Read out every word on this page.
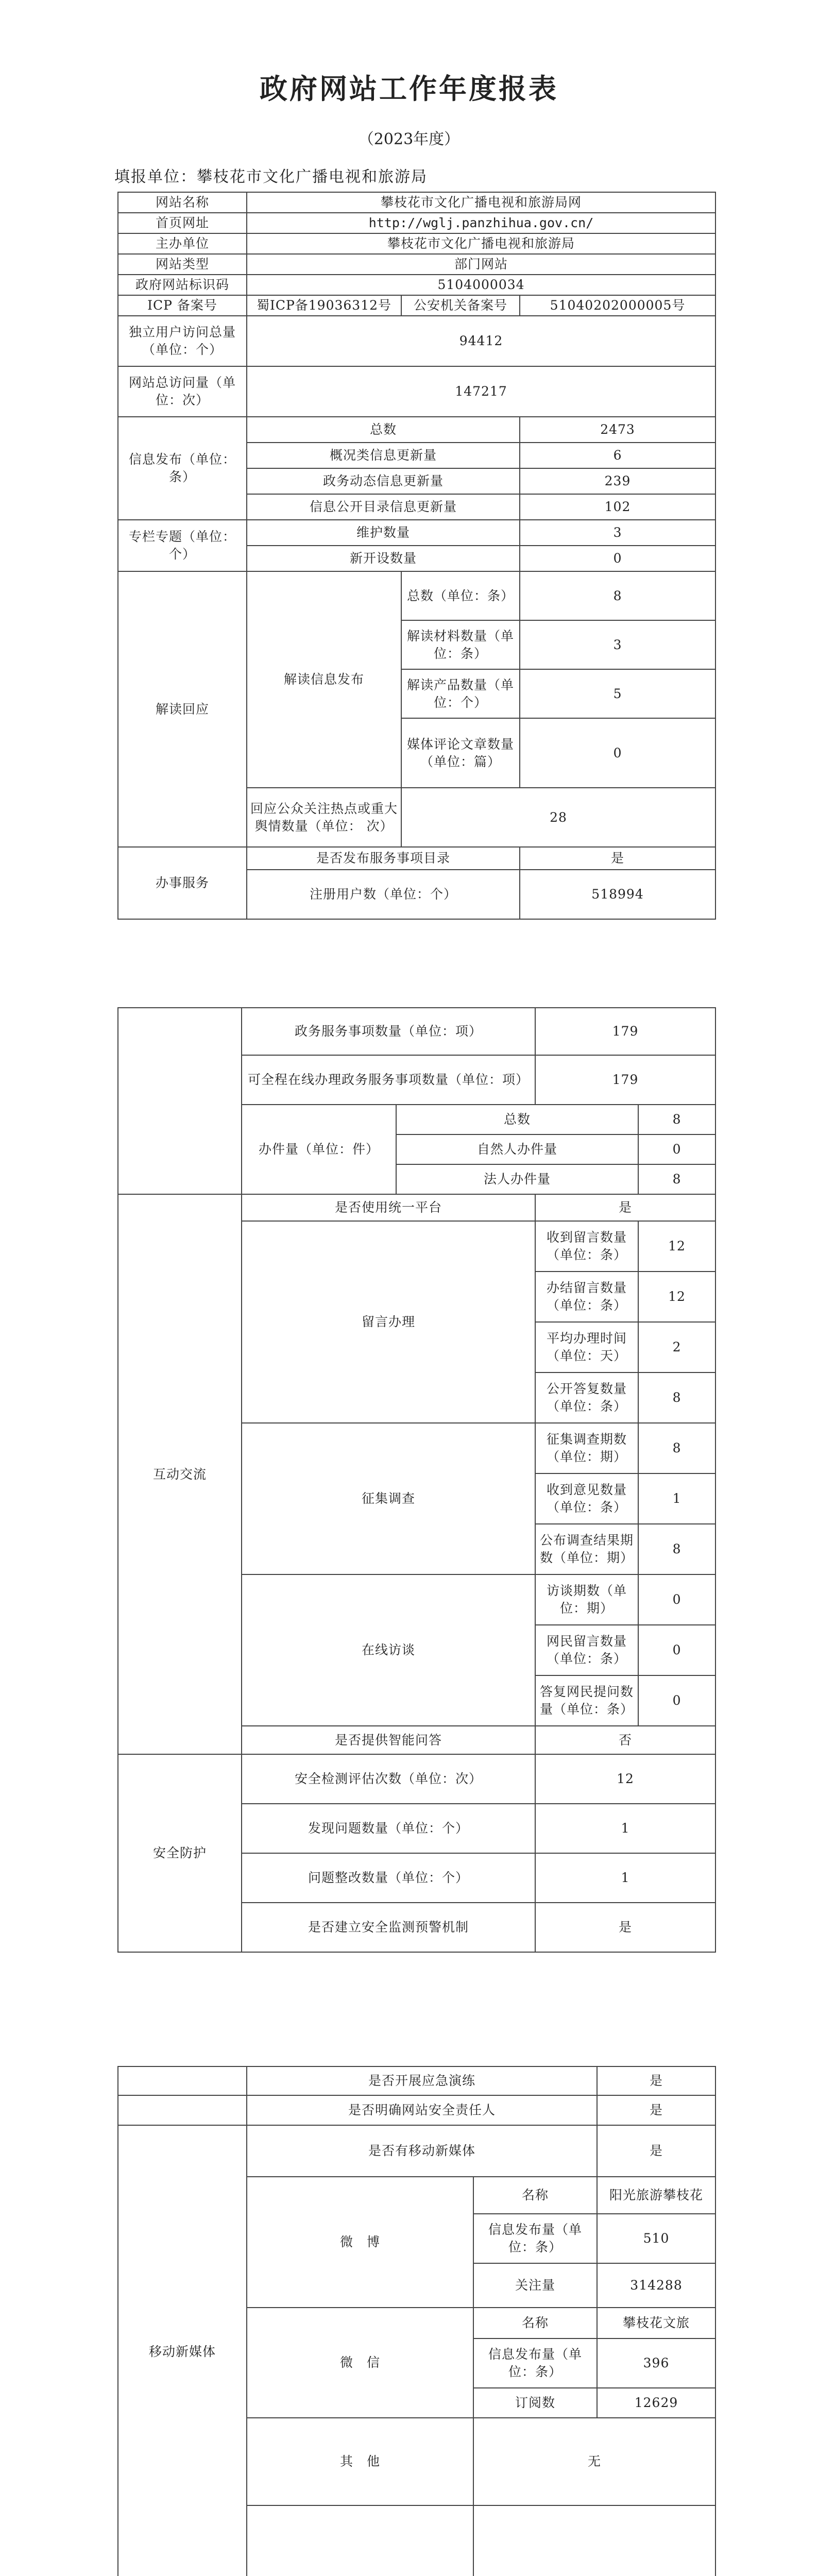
政府网站工作年度报表
（2023年度）
填报单位：攀枝花市文化广播电视和旅游局
网站名称	攀枝花市文化广播电视和旅游局网		
首页网址	http://wglj.panzhihua.gov.cn/		
主办单位	攀枝花市文化广播电视和旅游局		
网站类型	部门网站		
政府网站标识码	5104000034		
ICP 备案号	蜀ICP备19036312号	公安机关备案号	51040202000005号
独立用户访问总量（单位：个）	94412		
网站总访问量（单位：次）	147217		
信息发布（单位：条）	总数		2473
	概况类信息更新量		6
	政务动态信息更新量		239
	信息公开目录信息更新量		102
专栏专题（单位：个）	维护数量		3
	新开设数量		0
解读回应	解读信息发布	总数（单位：条）	8
		解读材料数量（单位：条）	3
		解读产品数量（单位：个）	5
		媒体评论文章数量（单位：篇）	0
	回应公众关注热点或重大舆情数量（单位： 次）	28	
办事服务	是否发布服务事项目录		是
	注册用户数（单位：个）		518994
	政务服务事项数量（单位：项）		179	
	可全程在线办理政务服务事项数量（单位：项）		179	
	办件量（单位：件）	总数		8
		自然人办件量		0
		法人办件量		8
互动交流	是否使用统一平台		是	
	留言办理		收到留言数量（单位：条）	12
			办结留言数量（单位：条）	12
			平均办理时间（单位：天）	2
			公开答复数量（单位：条）	8
	征集调查		征集调查期数（单位：期）	8
			收到意见数量（单位：条）	1
			公布调查结果期数（单位：期）	8
	在线访谈		访谈期数（单位：期）	0
			网民留言数量（单位：条）	0
			答复网民提问数量（单位：条）	0
	是否提供智能问答		否	
安全防护	安全检测评估次数（单位：次）		12	
	发现问题数量（单位：个）		1	
	问题整改数量（单位：个）		1	
	是否建立安全监测预警机制		是	
	是否开展应急演练		是
	是否明确网站安全责任人		是
移动新媒体	是否有移动新媒体		是
	微　博	名称	阳光旅游攀枝花
		信息发布量（单位：条）	510
		关注量	314288
	微　信	名称	攀枝花文旅
		信息发布量（单位：条）	396
		订阅数	12629
	其　他	无	
